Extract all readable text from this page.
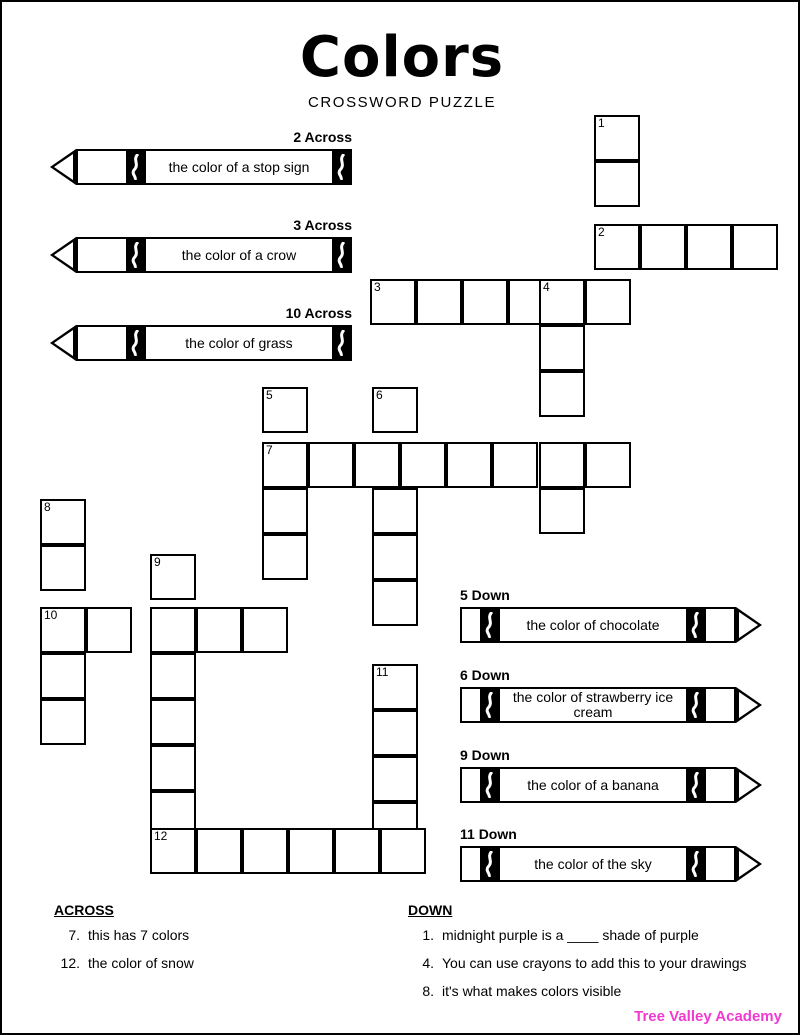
Colors
CROSSWORD PUZZLE
1
2
3	4
5	6
7
8
9
10
11
12
2 Across
the color of a stop sign
3 Across
the color of a crow
10 Across
the color of grass
5 Down
the color of chocolate
6 Down
the color of strawberry ice cream
9 Down
the color of a banana
11 Down
the color of the sky
ACROSS	DOWN
7. this has 7 colors
12. the color of snow
1. midnight purple is a ____ shade of purple
4. You can use crayons to add this to your drawings
8. it's what makes colors visible
Tree Valley Academy
